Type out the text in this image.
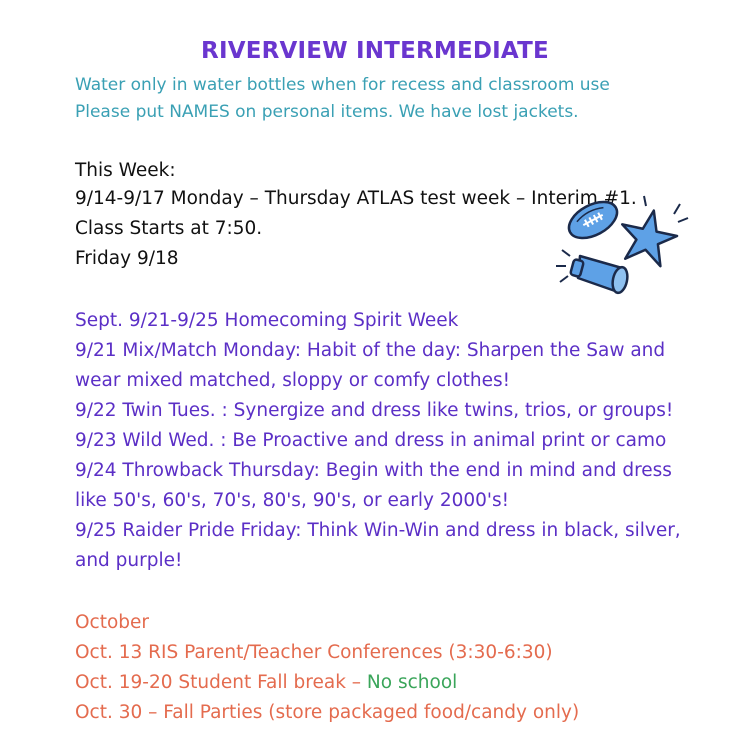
RIVERVIEW INTERMEDIATE
Water only in water bottles when for recess and classroom use
Please put NAMES on personal items. We have lost jackets.
This Week:
9/14-9/17 Monday – Thursday ATLAS test week – Interim #1.
Class Starts at 7:50.
Friday 9/18
Sept. 9/21-9/25 Homecoming Spirit Week
9/21 Mix/Match Monday: Habit of the day: Sharpen the Saw and
wear mixed matched, sloppy or comfy clothes!
9/22 Twin Tues. : Synergize and dress like twins, trios, or groups!
9/23 Wild Wed. : Be Proactive and dress in animal print or camo
9/24 Throwback Thursday: Begin with the end in mind and dress
like 50's, 60's, 70's, 80's, 90's, or early 2000's!
9/25 Raider Pride Friday: Think Win-Win and dress in black, silver,
and purple!
October
Oct. 13 RIS Parent/Teacher Conferences (3:30-6:30)
Oct. 19-20 Student Fall break – No school
Oct. 30 – Fall Parties (store packaged food/candy only)
